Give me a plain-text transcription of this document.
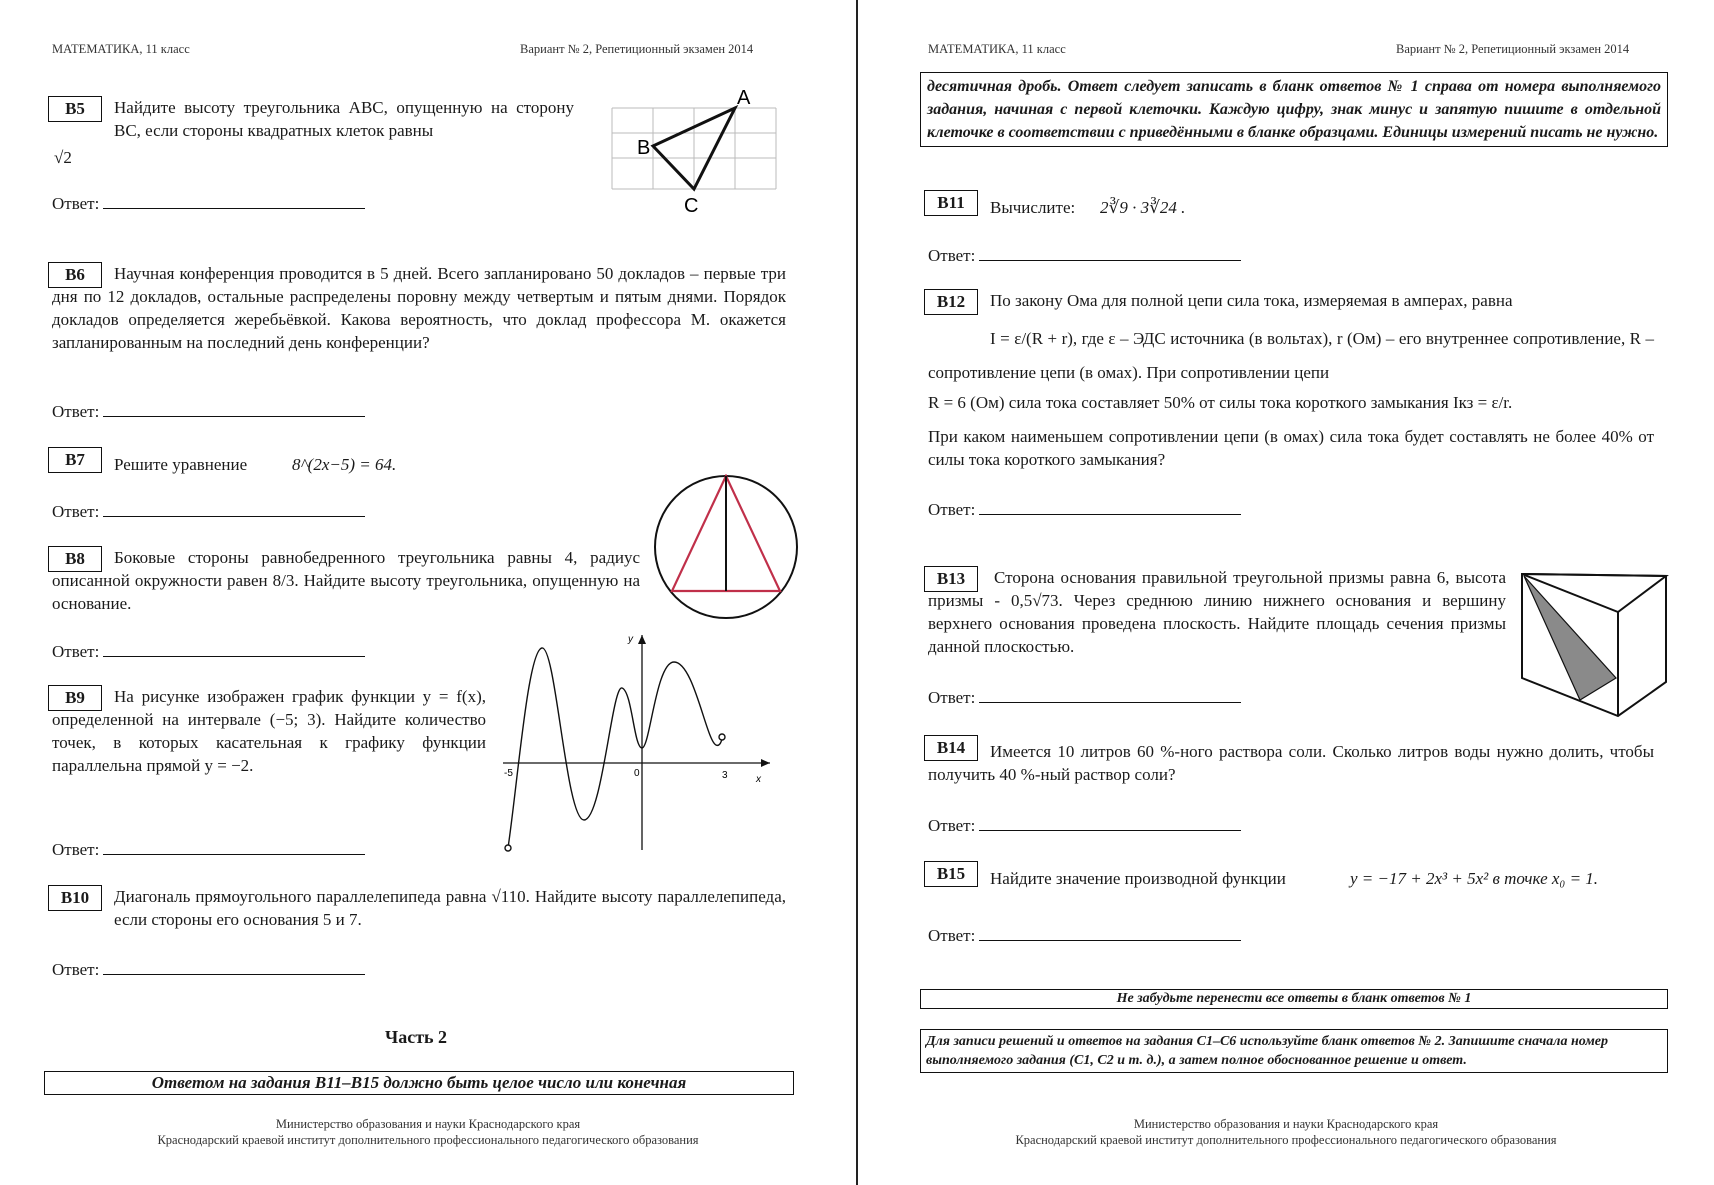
МАТЕМАТИКА, 11 класс	Вариант № 2, Репетиционный экзамен 2014
B5	Найдите высоту треугольника ABC, опущенную на сторону BC, если стороны квадратных клеток равны
√2
A
B
C
Ответ:
B6	Научная конференция проводится в 5 дней. Всего запланировано 50 докладов – первые три дня по 12 докладов, остальные распределены поровну между четвертым и пятым днями. Порядок докладов определяется жеребьёвкой. Какова вероятность, что доклад профессора М. окажется запланированным на последний день конференции?
Ответ:
B7	Решите уравнение	8^(2x−5) = 64.
Ответ:
B8	Боковые стороны равнобедренного треугольника равны 4, радиус описанной окружности равен 8/3. Найдите высоту треугольника, опущенную на основание.
Ответ:
B9	На рисунке изображен график функции y = f(x), определенной на интервале (−5; 3). Найдите количество точек, в которых касательная к графику функции параллельна прямой y = −2.
y
x
-5	0	3
Ответ:
B10	Диагональ прямоугольного параллелепипеда равна √110. Найдите высоту параллелепипеда, если стороны его основания 5 и 7.
Ответ:
Часть 2
Ответом на задания B11–B15 должно быть целое число или конечная
Министерство образования и науки Краснодарского края
Краснодарский краевой институт дополнительного профессионального педагогического образования
МАТЕМАТИКА, 11 класс	Вариант № 2, Репетиционный экзамен 2014
десятичная дробь. Ответ следует записать в бланк ответов № 1 справа от номера выполняемого задания, начиная с первой клеточки. Каждую цифру, знак минус и запятую пишите в отдельной клеточке в соответствии с приведёнными в бланке образцами. Единицы измерений писать не нужно.
B11	Вычислите: 2∛9 · 3∛24 .
Ответ:
B12	По закону Ома для полной цепи сила тока, измеряемая в амперах, равна
I = ε/(R + r), где ε – ЭДС источника (в вольтах), r (Ом) – его внутреннее сопротивление, R – сопротивление цепи (в омах). При сопротивлении цепи
R = 6 (Ом) сила тока составляет 50% от силы тока короткого замыкания Iкз = ε/r.
При каком наименьшем сопротивлении цепи (в омах) сила тока будет составлять не более 40% от силы тока короткого замыкания?
Ответ:
B13	Сторона основания правильной треугольной призмы равна 6, высота призмы - 0,5√73. Через среднюю линию нижнего основания и вершину верхнего основания проведена плоскость. Найдите площадь сечения призмы данной плоскостью.
Ответ:
B14	Имеется 10 литров 60 %-ного раствора соли. Сколько литров воды нужно долить, чтобы получить 40 %-ный раствор соли?
Ответ:
B15	Найдите значение производной функции	y = −17 + 2x³ + 5x² в точке x₀ = 1.
Ответ:
Не забудьте перенести все ответы в бланк ответов № 1
Для записи решений и ответов на задания С1–С6 используйте бланк ответов № 2. Запишите сначала номер выполняемого задания (С1, С2 и т. д.), а затем полное обоснованное решение и ответ.
Министерство образования и науки Краснодарского края
Краснодарский краевой институт дополнительного профессионального педагогического образования
